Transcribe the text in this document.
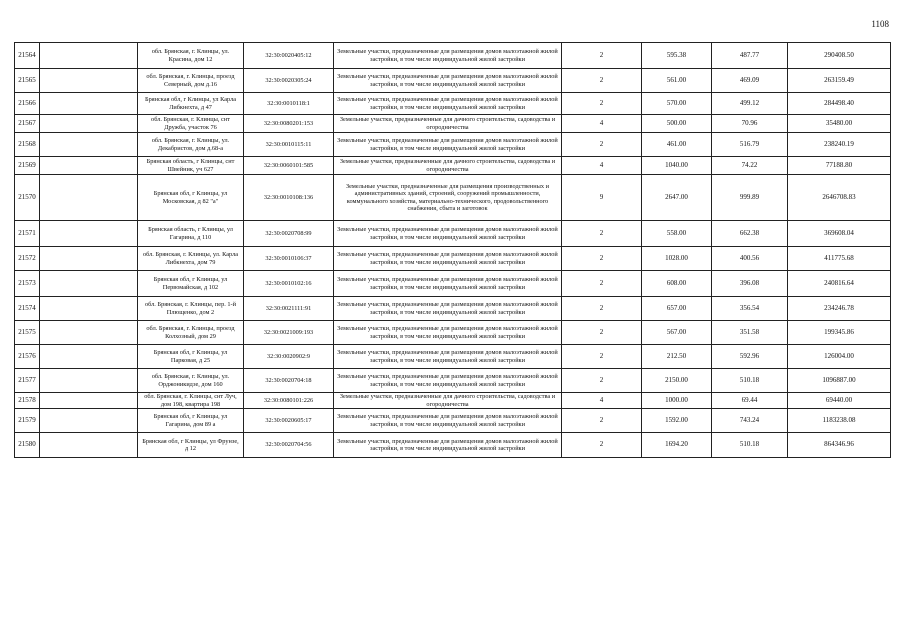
1108
21564		обл. Брянская, г. Клинцы, ул. Красина, дом 12	32:30:0020405:12	Земельные участки, предназначенные для размещения домов малоэтажной жилой застройки, в том числе индивидуальной жилой застройки	2	595.38	487.77	290408.50
21565		обл. Брянская, г. Клинцы, проезд Северный, дом д.16	32:30:0020305:24	Земельные участки, предназначенные для размещения домов малоэтажной жилой застройки, в том числе индивидуальной жилой застройки	2	561.00	469.09	263159.49
21566		Брянская обл, г Клинцы, ул Карла Либкнехта, д 47	32:30:0010118:1	Земельные участки, предназначенные для размещения домов малоэтажной жилой застройки, в том числе индивидуальной жилой застройки	2	570.00	499.12	284498.40
21567		обл. Брянская, г. Клинцы, снт Дружба, участок 76	32:30:0080201:153	Земельные участки, предназначенные для дачного строительства, садоводства и огородничества	4	500.00	70.96	35480.00
21568		обл. Брянская, г. Клинцы, ул. Декабристов, дом д.68-а	32:30:0010115:11	Земельные участки, предназначенные для размещения домов малоэтажной жилой застройки, в том числе индивидуальной жилой застройки	2	461.00	516.79	238240.19
21569		Брянская область, г Клинцы, снт Швейник, уч 627	32:30:0060101:585	Земельные участки, предназначенные для дачного строительства, садоводства и огородничества	4	1040.00	74.22	77188.80
21570		Брянская обл, г Клинцы, ул Московская, д 82 "а"	32:30:0010108:136	Земельные участки, предназначенные для размещения производственных и административных зданий, строений, сооружений промышленности, коммунального хозяйства, материально-технического, продовольственного снабжения, сбыта и заготовок	9	2647.00	999.89	2646708.83
21571		Брянская область, г Клинцы, ул Гагарина, д 110	32:30:0020708:99	Земельные участки, предназначенные для размещения домов малоэтажной жилой застройки, в том числе индивидуальной жилой застройки	2	558.00	662.38	369608.04
21572		обл. Брянская, г. Клинцы, ул. Карла Либкнехта, дом 79	32:30:0010106:37	Земельные участки, предназначенные для размещения домов малоэтажной жилой застройки, в том числе индивидуальной жилой застройки	2	1028.00	400.56	411775.68
21573		Брянская обл, г Клинцы, ул Первомайская, д 102	32:30:0010102:16	Земельные участки, предназначенные для размещения домов малоэтажной жилой застройки, в том числе индивидуальной жилой застройки	2	608.00	396.08	240816.64
21574		обл. Брянская, г. Клинцы, пер. 1-й Плющенко, дом 2	32:30:0021111:91	Земельные участки, предназначенные для размещения домов малоэтажной жилой застройки, в том числе индивидуальной жилой застройки	2	657.00	356.54	234246.78
21575		обл. Брянская, г. Клинцы, проезд Колхозный, дом 29	32:30:0021009:193	Земельные участки, предназначенные для размещения домов малоэтажной жилой застройки, в том числе индивидуальной жилой застройки	2	567.00	351.58	199345.86
21576		Брянская обл, г Клинцы, ул Парковая, д 25	32:30:0020902:9	Земельные участки, предназначенные для размещения домов малоэтажной жилой застройки, в том числе индивидуальной жилой застройки	2	212.50	592.96	126004.00
21577		обл. Брянская, г. Клинцы, ул. Орджоникидзе, дом 160	32:30:0020704:18	Земельные участки, предназначенные для размещения домов малоэтажной жилой застройки, в том числе индивидуальной жилой застройки	2	2150.00	510.18	1096887.00
21578		обл. Брянская, г. Клинцы, снт Луч, дом 198, квартира 198	32:30:0080101:226	Земельные участки, предназначенные для дачного строительства, садоводства и огородничества	4	1000.00	69.44	69440.00
21579		Брянская обл, г Клинцы, ул Гагарина, дом 89 а	32:30:0020605:17	Земельные участки, предназначенные для размещения домов малоэтажной жилой застройки, в том числе индивидуальной жилой застройки	2	1592.00	743.24	1183238.08
21580		Брянская обл, г Клинцы, ул Фрунзе, д 12	32:30:0020704:56	Земельные участки, предназначенные для размещения домов малоэтажной жилой застройки, в том числе индивидуальной жилой застройки	2	1694.20	510.18	864346.96
